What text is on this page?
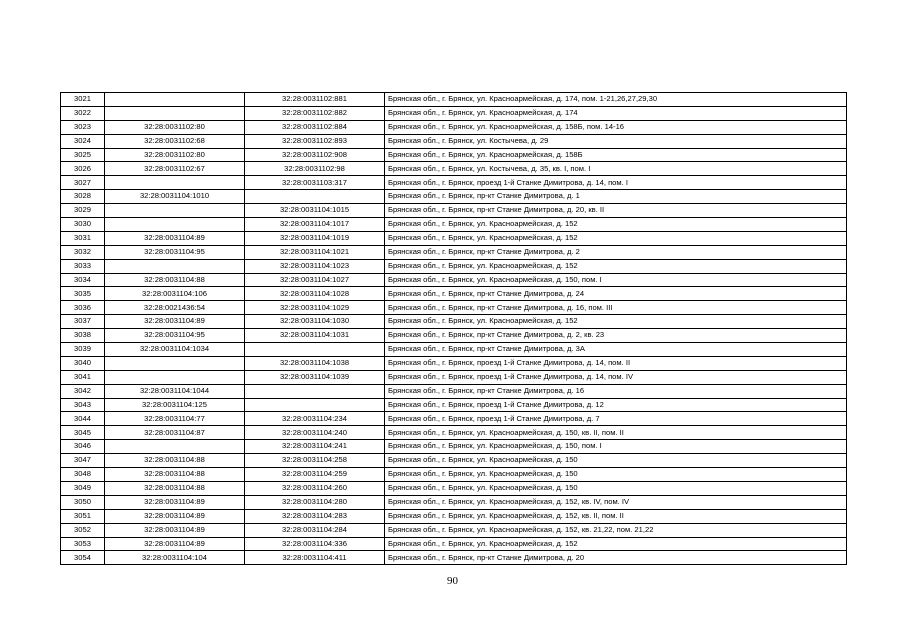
3021		32:28:0031102:881	Брянская обл., г. Брянск, ул. Красноармейская, д. 174, пом. 1-21,26,27,29,30
3022		32:28:0031102:882	Брянская обл., г. Брянск, ул. Красноармейская, д. 174
3023	32:28:0031102:80	32:28:0031102:884	Брянская обл., г. Брянск, ул. Красноармейская, д. 158Б, пом. 14-16
3024	32:28:0031102:68	32:28:0031102:893	Брянская обл., г. Брянск, ул. Костычева, д. 29
3025	32:28:0031102:80	32:28:0031102:908	Брянская обл., г. Брянск, ул. Красноармейская, д. 158Б
3026	32:28:0031102:67	32:28:0031102:98	Брянская обл., г. Брянск, ул. Костычева, д. 35, кв. I, пом. I
3027		32:28:0031103:317	Брянская обл., г. Брянск, проезд 1-й Станке Димитрова, д. 14, пом. I
3028	32:28:0031104:1010		Брянская обл., г. Брянск, пр-кт Станке Димитрова, д. 1
3029		32:28:0031104:1015	Брянская обл., г. Брянск, пр-кт Станке Димитрова, д. 20, кв. II
3030		32:28:0031104:1017	Брянская обл., г. Брянск, ул. Красноармейская, д. 152
3031	32:28:0031104:89	32:28:0031104:1019	Брянская обл., г. Брянск, ул. Красноармейская, д. 152
3032	32:28:0031104:95	32:28:0031104:1021	Брянская обл., г. Брянск, пр-кт Станке Димитрова, д. 2
3033		32:28:0031104:1023	Брянская обл., г. Брянск, ул. Красноармейская, д. 152
3034	32:28:0031104:88	32:28:0031104:1027	Брянская обл., г. Брянск, ул. Красноармейская, д. 150, пом. I
3035	32:28:0031104:106	32:28:0031104:1028	Брянская обл., г. Брянск, пр-кт Станке Димитрова, д. 24
3036	32:28:0021436:54	32:28:0031104:1029	Брянская обл., г. Брянск, пр-кт Станке Димитрова, д. 16, пом. III
3037	32:28:0031104:89	32:28:0031104:1030	Брянская обл., г. Брянск, ул. Красноармейская, д. 152
3038	32:28:0031104:95	32:28:0031104:1031	Брянская обл., г. Брянск, пр-кт Станке Димитрова, д. 2, кв. 23
3039	32:28:0031104:1034		Брянская обл., г. Брянск, пр-кт Станке Димитрова, д. 3А
3040		32:28:0031104:1038	Брянская обл., г. Брянск, проезд 1-й Станке Димитрова, д. 14, пом. II
3041		32:28:0031104:1039	Брянская обл., г. Брянск, проезд 1-й Станке Димитрова, д. 14, пом. IV
3042	32:28:0031104:1044		Брянская обл., г. Брянск, пр-кт Станке Димитрова, д. 16
3043	32:28:0031104:125		Брянская обл., г. Брянск, проезд 1-й Станке Димитрова, д. 12
3044	32:28:0031104:77	32:28:0031104:234	Брянская обл., г. Брянск, проезд 1-й Станке Димитрова, д. 7
3045	32:28:0031104:87	32:28:0031104:240	Брянская обл., г. Брянск, ул. Красноармейская, д. 150, кв. II, пом. II
3046		32:28:0031104:241	Брянская обл., г. Брянск, ул. Красноармейская, д. 150, пом. I
3047	32:28:0031104:88	32:28:0031104:258	Брянская обл., г. Брянск, ул. Красноармейская, д. 150
3048	32:28:0031104:88	32:28:0031104:259	Брянская обл., г. Брянск, ул. Красноармейская, д. 150
3049	32:28:0031104:88	32:28:0031104:260	Брянская обл., г. Брянск, ул. Красноармейская, д. 150
3050	32:28:0031104:89	32:28:0031104:280	Брянская обл., г. Брянск, ул. Красноармейская, д. 152, кв. IV, пом. IV
3051	32:28:0031104:89	32:28:0031104:283	Брянская обл., г. Брянск, ул. Красноармейская, д. 152, кв. II, пом. II
3052	32:28:0031104:89	32:28:0031104:284	Брянская обл., г. Брянск, ул. Красноармейская, д. 152, кв. 21,22, пом. 21,22
3053	32:28:0031104:89	32:28:0031104:336	Брянская обл., г. Брянск, ул. Красноармейская, д. 152
3054	32:28:0031104:104	32:28:0031104:411	Брянская обл., г. Брянск, пр-кт Станке Димитрова, д. 20
90
